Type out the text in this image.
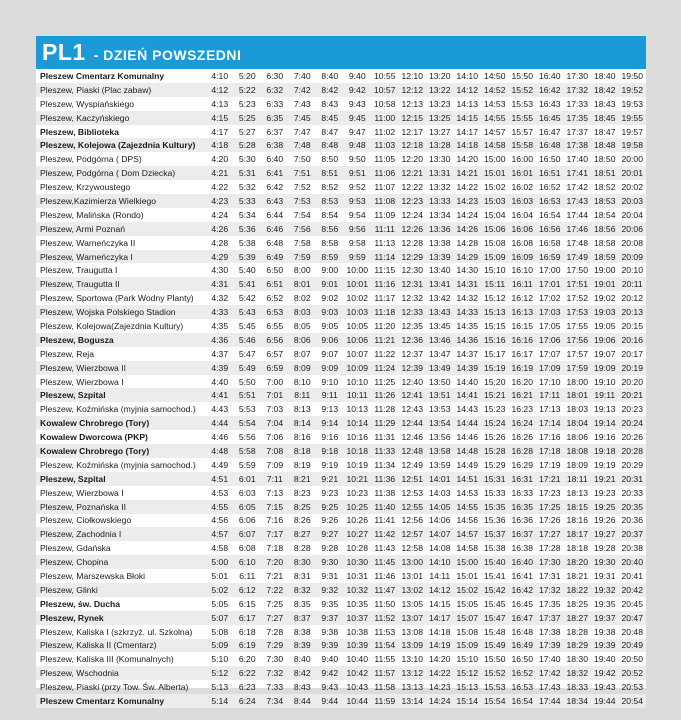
PL1 - DZIEŃ POWSZEDNI
Pleszew Cmentarz Komunalny	4:10	5:20	6:30	7:40	8:40	9:40	10:55	12:10	13:20	14:10	14:50	15:50	16:40	17:30	18:40	19:50
Pleszew, Piaski (Plac zabaw)	4:12	5:22	6:32	7:42	8:42	9:42	10:57	12:12	13:22	14:12	14:52	15:52	16:42	17:32	18:42	19:52
Pleszew, Wyspiańskiego	4:13	5:23	6:33	7:43	8:43	9:43	10:58	12:13	13:23	14:13	14:53	15:53	16:43	17:33	18:43	19:53
Pleszew, Kaczyńskiego	4:15	5:25	6:35	7:45	8:45	9:45	11:00	12:15	13:25	14:15	14:55	15:55	16:45	17:35	18:45	19:55
Pleszew, Biblioteka	4:17	5:27	6:37	7:47	8:47	9:47	11:02	12:17	13:27	14:17	14:57	15:57	16:47	17:37	18:47	19:57
Pleszew, Kolejowa (Zajezdnia Kultury)	4:18	5:28	6:38	7:48	8:48	9:48	11:03	12:18	13:28	14:18	14:58	15:58	16:48	17:38	18:48	19:58
Pleszew, Podgórna ( DPS)	4:20	5:30	6:40	7:50	8:50	9:50	11:05	12:20	13:30	14:20	15:00	16:00	16:50	17:40	18:50	20:00
Pleszew, Podgórna ( Dom Dziecka)	4:21	5:31	6:41	7:51	8:51	9:51	11:06	12:21	13:31	14:21	15:01	16:01	16:51	17:41	18:51	20:01
Pleszew, Krzywoustego	4:22	5:32	6:42	7:52	8:52	9:52	11:07	12:22	13:32	14:22	15:02	16:02	16:52	17:42	18:52	20:02
Pleszew,Kazimierza Wielkiego	4:23	5:33	6:43	7:53	8:53	9:53	11:08	12:23	13:33	14:23	15:03	16:03	16:53	17:43	18:53	20:03
Pleszew, Malińska (Rondo)	4:24	5:34	6:44	7:54	8:54	9:54	11:09	12:24	13:34	14:24	15:04	16:04	16:54	17:44	18:54	20:04
Pleszew, Armi Poznań	4:26	5:36	6:46	7:56	8:56	9:56	11:11	12:26	13:36	14:26	15:06	16:06	16:56	17:46	18:56	20:06
Pleszew, Warneńczyka II	4:28	5:38	6:48	7:58	8:58	9:58	11:13	12:28	13:38	14:28	15:08	16:08	16:58	17:48	18:58	20:08
Pleszew, Warneńczyka I	4:29	5:39	6:49	7:59	8:59	9:59	11:14	12:29	13:39	14:29	15:09	16:09	16:59	17:49	18:59	20:09
Pleszew, Traugutta I	4:30	5:40	6:50	8:00	9:00	10:00	11:15	12:30	13:40	14:30	15:10	16:10	17:00	17:50	19:00	20:10
Pleszew, Traugutta II	4:31	5:41	6:51	8:01	9:01	10:01	11:16	12:31	13:41	14:31	15:11	16:11	17:01	17:51	19:01	20:11
Pleszew, Sportowa (Park Wodny Planty)	4:32	5:42	6:52	8:02	9:02	10:02	11:17	12:32	13:42	14:32	15:12	16:12	17:02	17:52	19:02	20:12
Pleszew, Wojska Polskiego Stadion	4:33	5:43	6:53	8:03	9:03	10:03	11:18	12:33	13:43	14:33	15:13	16:13	17:03	17:53	19:03	20:13
Pleszew, Kolejowa(Zajezdnia Kultury)	4:35	5:45	6:55	8:05	9:05	10:05	11:20	12:35	13:45	14:35	15:15	16:15	17:05	17:55	19:05	20:15
Pleszew, Bogusza	4:36	5:46	6:56	8:06	9:06	10:06	11:21	12:36	13:46	14:36	15:16	16:16	17:06	17:56	19:06	20:16
Pleszew, Reja	4:37	5:47	6:57	8:07	9:07	10:07	11:22	12:37	13:47	14:37	15:17	16:17	17:07	17:57	19:07	20:17
Pleszew, Wierzbowa II	4:39	5:49	6:59	8:09	9:09	10:09	11:24	12:39	13:49	14:39	15:19	16:19	17:09	17:59	19:09	20:19
Pleszew, Wierzbowa I	4:40	5:50	7:00	8:10	9:10	10:10	11:25	12:40	13:50	14:40	15:20	16:20	17:10	18:00	19:10	20:20
Pleszew, Szpital	4:41	5:51	7:01	8:11	9:11	10:11	11:26	12:41	13:51	14:41	15:21	16:21	17:11	18:01	19:11	20:21
Pleszew, Koźmińska (myjnia samochod.)	4:43	5:53	7:03	8:13	9:13	10:13	11:28	12:43	13:53	14:43	15:23	16:23	17:13	18:03	19:13	20:23
Kowalew Chrobrego (Tory)	4:44	5:54	7:04	8:14	9:14	10:14	11:29	12:44	13:54	14:44	15:24	16:24	17:14	18:04	19:14	20:24
Kowalew Dworcowa (PKP)	4:46	5:56	7:06	8:16	9:16	10:16	11:31	12:46	13:56	14:46	15:26	16:26	17:16	18:06	19:16	20:26
Kowalew Chrobrego (Tory)	4:48	5:58	7:08	8:18	9:18	10:18	11:33	12:48	13:58	14:48	15:28	16:28	17:18	18:08	19:18	20:28
Pleszew, Koźmińska (myjnia samochod.)	4:49	5:59	7:09	8:19	9:19	10:19	11:34	12:49	13:59	14:49	15:29	16:29	17:19	18:09	19:19	20:29
Pleszew, Szpital	4:51	6:01	7:11	8:21	9:21	10:21	11:36	12:51	14:01	14:51	15:31	16:31	17:21	18:11	19:21	20:31
Pleszew, Wierzbowa I	4:53	6:03	7:13	8:23	9:23	10:23	11:38	12:53	14:03	14:53	15:33	16:33	17:23	18:13	19:23	20:33
Pleszew, Poznańska II	4:55	6:05	7:15	8:25	9:25	10:25	11:40	12:55	14:05	14:55	15:35	16:35	17:25	18:15	19:25	20:35
Pleszew, Ciołkowskiego	4:56	6:06	7:16	8:26	9:26	10:26	11:41	12:56	14:06	14:56	15:36	16:36	17:26	18:16	19:26	20:36
Pleszew, Zachodnia I	4:57	6:07	7:17	8:27	9:27	10:27	11:42	12:57	14:07	14:57	15:37	16:37	17:27	18:17	19:27	20:37
Pleszew, Gdańska	4:58	6:08	7:18	8:28	9:28	10:28	11:43	12:58	14:08	14:58	15:38	16:38	17:28	18:18	19:28	20:38
Pleszew, Chopina	5:00	6:10	7:20	8:30	9:30	10:30	11:45	13:00	14:10	15:00	15:40	16:40	17:30	18:20	19:30	20:40
Pleszew, Marszewska Błoki	5:01	6:11	7:21	8:31	9:31	10:31	11:46	13:01	14:11	15:01	15:41	16:41	17:31	18:21	19:31	20:41
Pleszew, Glinki	5:02	6:12	7:22	8:32	9:32	10:32	11:47	13:02	14:12	15:02	15:42	16:42	17:32	18:22	19:32	20:42
Pleszew, św. Ducha	5:05	6:15	7:25	8:35	9:35	10:35	11:50	13:05	14:15	15:05	15:45	16:45	17:35	18:25	19:35	20:45
Pleszew, Rynek	5:07	6:17	7:27	8:37	9:37	10:37	11:52	13:07	14:17	15:07	15:47	16:47	17:37	18:27	19:37	20:47
Pleszew, Kaliska I (szkrzyż. ul. Szkolna)	5:08	6:18	7:28	8:38	9:38	10:38	11:53	13:08	14:18	15:08	15:48	16:48	17:38	18:28	19:38	20:48
Pleszew, Kaliska II (Cmentarz)	5:09	6:19	7:29	8:39	9:39	10:39	11:54	13:09	14:19	15:09	15:49	16:49	17:39	18:29	19:39	20:49
Pleszew, Kaliska III (Komunalnych)	5:10	6:20	7:30	8:40	9:40	10:40	11:55	13:10	14:20	15:10	15:50	16:50	17:40	18:30	19:40	20:50
Pleszew, Wschodnia	5:12	6:22	7:32	8:42	9:42	10:42	11:57	13:12	14:22	15:12	15:52	16:52	17:42	18:32	19:42	20:52
Pleszew, Piaski (przy Tow. Św. Alberta)	5:13	6:23	7:33	8:43	9:43	10:43	11:58	13:13	14:23	15:13	15:53	16:53	17:43	18:33	19:43	20:53
Pleszew Cmentarz Komunalny	5:14	6:24	7:34	8:44	9:44	10:44	11:59	13:14	14:24	15:14	15:54	16:54	17:44	18:34	19:44	20:54
